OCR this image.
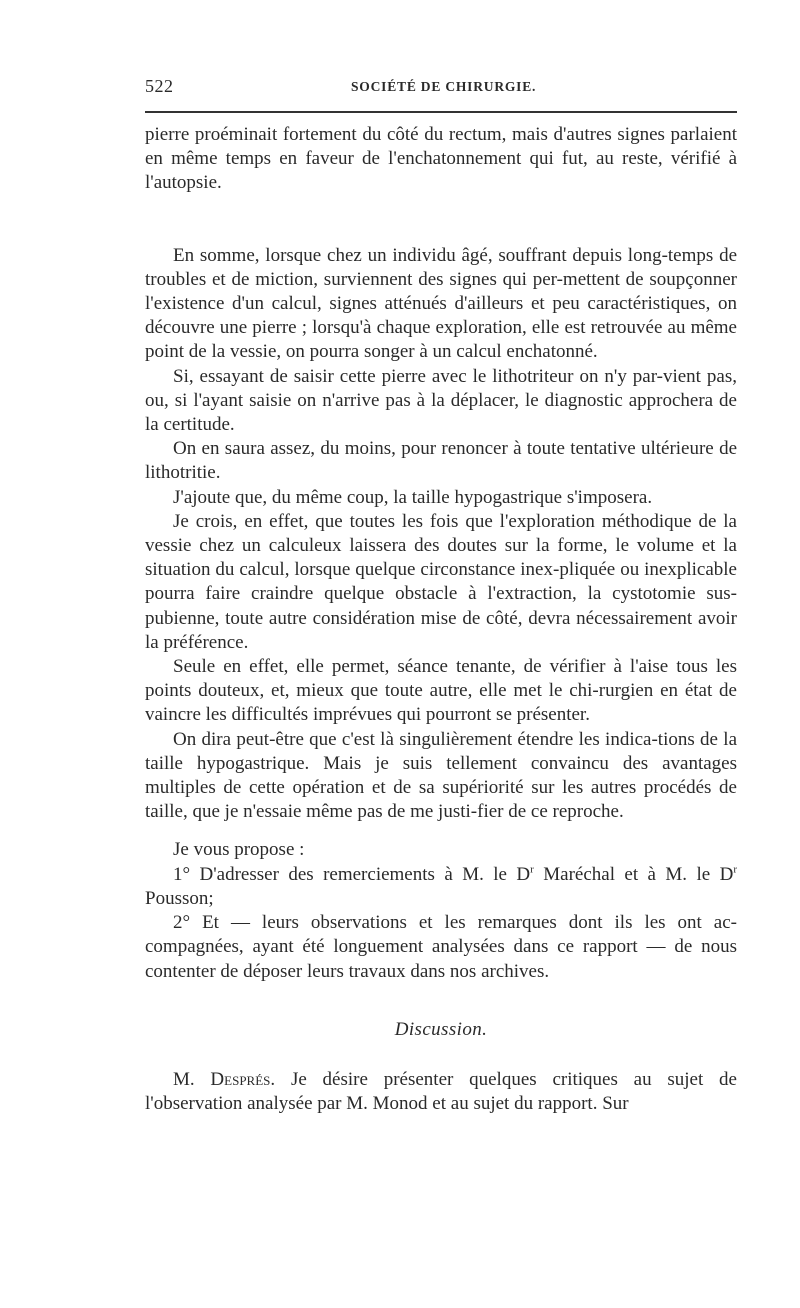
522	SOCIÉTÉ DE CHIRURGIE.

pierre proéminait fortement du côté du rectum, mais d'autres signes parlaient en même temps en faveur de l'enchatonnement qui fut, au reste, vérifié à l'autopsie.

En somme, lorsque chez un individu âgé, souffrant depuis long-temps de troubles et de miction, surviennent des signes qui per-mettent de soupçonner l'existence d'un calcul, signes atténués d'ailleurs et peu caractéristiques, on découvre une pierre ; lorsqu'à chaque exploration, elle est retrouvée au même point de la vessie, on pourra songer à un calcul enchatonné.

Si, essayant de saisir cette pierre avec le lithotriteur on n'y par-vient pas, ou, si l'ayant saisie on n'arrive pas à la déplacer, le diagnostic approchera de la certitude.

On en saura assez, du moins, pour renoncer à toute tentative ultérieure de lithotritie.

J'ajoute que, du même coup, la taille hypogastrique s'imposera.

Je crois, en effet, que toutes les fois que l'exploration méthodique de la vessie chez un calculeux laissera des doutes sur la forme, le volume et la situation du calcul, lorsque quelque circonstance inex-pliquée ou inexplicable pourra faire craindre quelque obstacle à l'extraction, la cystotomie sus-pubienne, toute autre considération mise de côté, devra nécessairement avoir la préférence.

Seule en effet, elle permet, séance tenante, de vérifier à l'aise tous les points douteux, et, mieux que toute autre, elle met le chi-rurgien en état de vaincre les difficultés imprévues qui pourront se présenter.

On dira peut-être que c'est là singulièrement étendre les indica-tions de la taille hypogastrique. Mais je suis tellement convaincu des avantages multiples de cette opération et de sa supériorité sur les autres procédés de taille, que je n'essaie même pas de me justi-fier de ce reproche.

Je vous propose :

1° D'adresser des remerciements à M. le $D^r$ Maréchal et à M. le $D^r$ Pousson;

2° Et — leurs observations et les remarques dont ils les ont ac-compagnées, ayant été longuement analysées dans ce rapport — de nous contenter de déposer leurs travaux dans nos archives.

Discussion.

M. Després. Je désire présenter quelques critiques au sujet de l'observation analysée par M. Monod et au sujet du rapport. Sur
